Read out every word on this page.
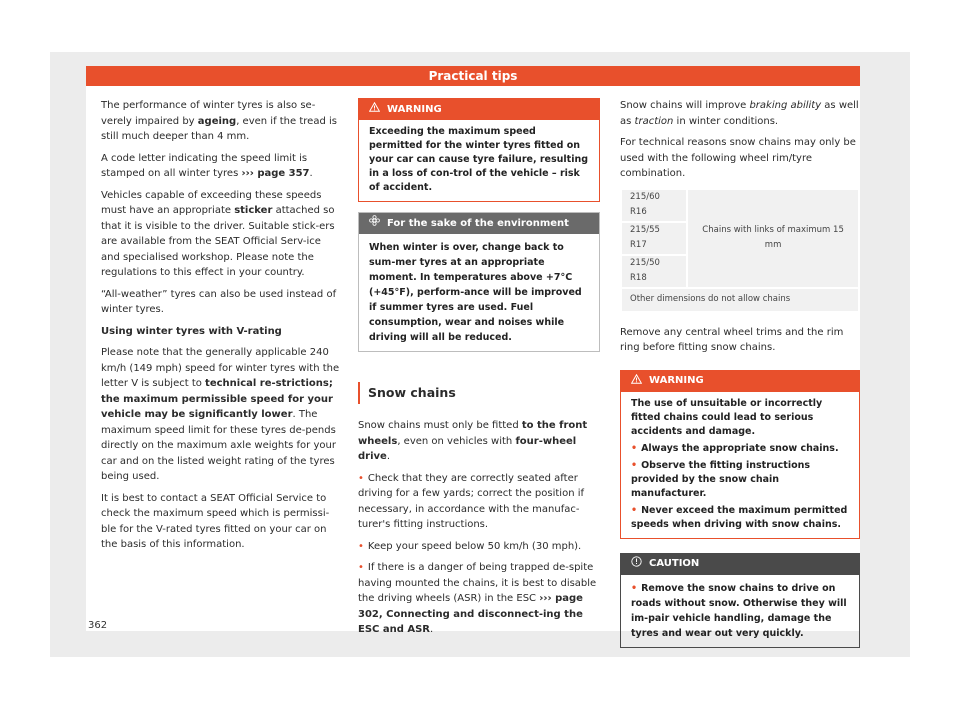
Practical tips

The performance of winter tyres is also se-verely impaired by ageing, even if the tread is still much deeper than 4 mm.

A code letter indicating the speed limit is stamped on all winter tyres ››› page 357.

Vehicles capable of exceeding these speeds must have an appropriate sticker attached so that it is visible to the driver. Suitable stick-ers are available from the SEAT Official Serv-ice and specialised workshop. Please note the regulations to this effect in your country.

“All-weather” tyres can also be used instead of winter tyres.

Using winter tyres with V-rating

Please note that the generally applicable 240 km/h (149 mph) speed for winter tyres with the letter V is subject to technical re-strictions; the maximum permissible speed for your vehicle may be significantly lower. The maximum speed limit for these tyres de-pends directly on the maximum axle weights for your car and on the listed weight rating of the tyres being used.

It is best to contact a SEAT Official Service to check the maximum speed which is permissi-ble for the V-rated tyres fitted on your car on the basis of this information.

WARNING
Exceeding the maximum speed permitted for the winter tyres fitted on your car can cause tyre failure, resulting in a loss of con-trol of the vehicle – risk of accident.
For the sake of the environment
When winter is over, change back to sum-mer tyres at an appropriate moment. In temperatures above +7°C (+45°F), perform-ance will be improved if summer tyres are used. Fuel consumption, wear and noises while driving will all be reduced.
Snow chains

Snow chains must only be fitted to the front wheels, even on vehicles with four-wheel drive.

• Check that they are correctly seated after driving for a few yards; correct the position if necessary, in accordance with the manufac-turer's fitting instructions.

• Keep your speed below 50 km/h (30 mph).

• If there is a danger of being trapped de-spite having mounted the chains, it is best to disable the driving wheels (ASR) in the ESC ››› page 302, Connecting and disconnect-ing the ESC and ASR.

Snow chains will improve braking ability as well as traction in winter conditions.

For technical reasons snow chains may only be used with the following wheel rim/tyre combination.

215/60 R16	Chains with links of maximum 15 mm
215/55 R17
215/50 R18
Other dimensions do not allow chains

Remove any central wheel trims and the rim ring before fitting snow chains.

WARNING
The use of unsuitable or incorrectly fitted chains could lead to serious accidents and damage.
• Always the appropriate snow chains.
• Observe the fitting instructions provided by the snow chain manufacturer.
• Never exceed the maximum permitted speeds when driving with snow chains.
CAUTION
• Remove the snow chains to drive on roads without snow. Otherwise they will im-pair vehicle handling, damage the tyres and wear out very quickly.
362
